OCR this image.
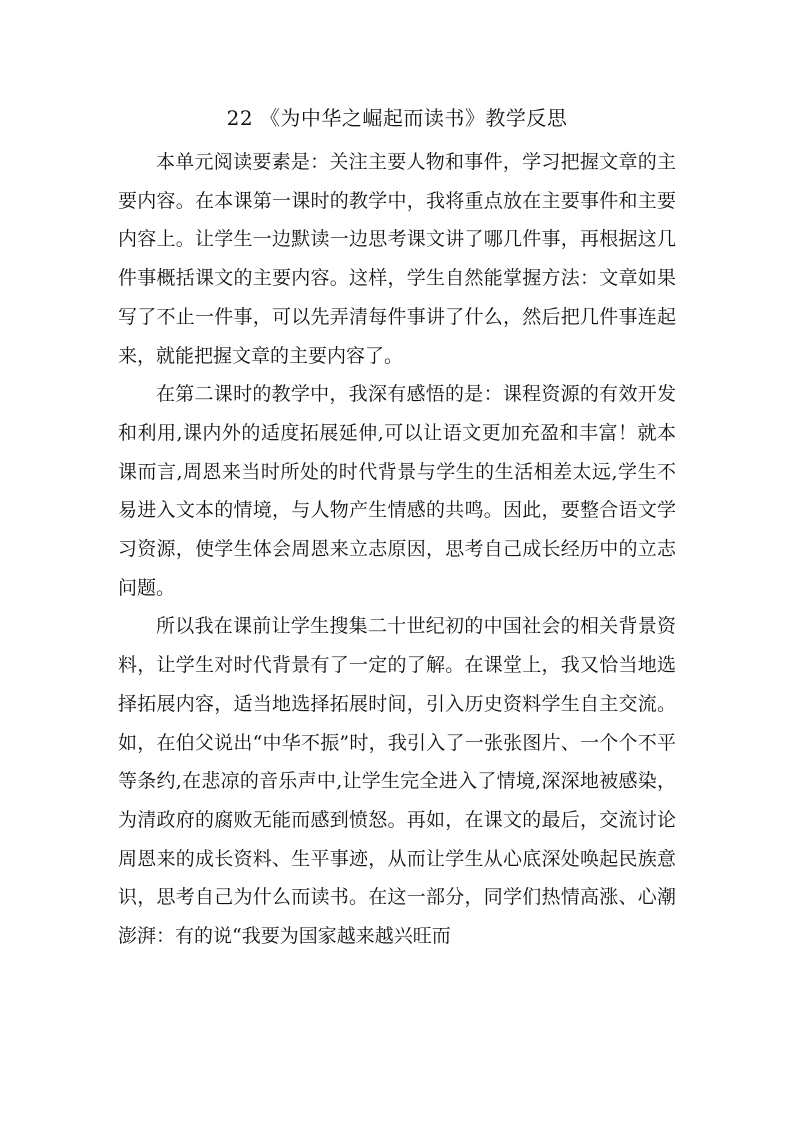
22 《为中华之崛起而读书》教学反思

本单元阅读要素是：关注主要人物和事件，学习把握文章的主要内容。在本课第一课时的教学中，我将重点放在主要事件和主要内容上。让学生一边默读一边思考课文讲了哪几件事，再根据这几件事概括课文的主要内容。这样，学生自然能掌握方法：文章如果写了不止一件事，可以先弄清每件事讲了什么，然后把几件事连起来，就能把握文章的主要内容了。

在第二课时的教学中，我深有感悟的是：课程资源的有效开发和利用,课内外的适度拓展延伸,可以让语文更加充盈和丰富！就本课而言,周恩来当时所处的时代背景与学生的生活相差太远,学生不易进入文本的情境，与人物产生情感的共鸣。因此，要整合语文学习资源，使学生体会周恩来立志原因，思考自己成长经历中的立志问题。

所以我在课前让学生搜集二十世纪初的中国社会的相关背景资料，让学生对时代背景有了一定的了解。在课堂上，我又恰当地选择拓展内容，适当地选择拓展时间，引入历史资料学生自主交流。如，在伯父说出“中华不振”时，我引入了一张张图片、一个个不平等条约,在悲凉的音乐声中,让学生完全进入了情境,深深地被感染，为清政府的腐败无能而感到愤怒。再如，在课文的最后，交流讨论周恩来的成长资料、生平事迹，从而让学生从心底深处唤起民族意识，思考自己为什么而读书。在这一部分，同学们热情高涨、心潮澎湃：有的说“我要为国家越来越兴旺而
